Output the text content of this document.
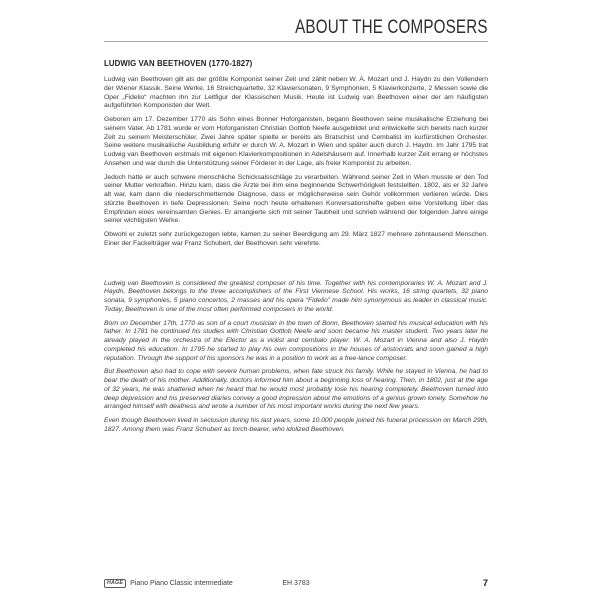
ABOUT THE COMPOSERS
LUDWIG VAN BEETHOVEN (1770-1827)

Ludwig van Beethoven gilt als der größte Komponist seiner Zeit und zählt neben W. A. Mozart und J. Haydn zu den Vollendern der Wiener Klassik. Seine Werke, 16 Streichquartette, 32 Klaviersonaten, 9 Symphonien, 5 Klavierkonzerte, 2 Messen sowie die Oper „Fidelio“ machten ihn zur Leitfigur der Klassischen Musik. Heute ist Ludwig van Beethoven einer der am häufigsten aufgeführten Komponisten der Welt.

Geboren am 17. Dezember 1770 als Sohn eines Bonner Hoforganisten, begann Beethoven seine musikalische Erziehung bei seinem Vater. Ab 1781 wurde er vom Hoforganisten Christian Gottlob Neefe ausgebildet und entwickelte sich bereits nach kurzer Zeit zu seinem Meisterschüler. Zwei Jahre später spielte er bereits als Bratschist und Cembalist im kurfürstlichen Orchester. Seine weitere musikalische Ausbildung erfuhr er durch W. A. Mozart in Wien und später auch durch J. Haydn. Im Jahr 1795 trat Ludwig van Beethoven erstmals mit eigenen Klavierkompositionen in Adelshäusern auf. Innerhalb kurzer Zeit errang er höchstes Ansehen und war durch die Unterstützung seiner Förderer in der Lage, als freier Komponist zu arbeiten.

Jedoch hatte er auch schwere menschliche Schicksalsschläge zu verarbeiten. Während seiner Zeit in Wien musste er den Tod seiner Mutter verkraften. Hinzu kam, dass die Ärzte bei ihm eine beginnende Schwerhörigkeit feststellten. 1802, als er 32 Jahre alt war, kam dann die niederschmetternde Diagnose, dass er möglicherweise sein Gehör vollkommen verlieren würde. Dies stürzte Beethoven in tiefe Depressionen. Seine noch heute erhaltenen Konversationshefte geben eine Vorstellung über das Empfinden eines vereinsamten Genies. Er arrangierte sich mit seiner Taubheit und schrieb während der folgenden Jahre einige seiner wichtigsten Werke.

Obwohl er zuletzt sehr zurückgezogen lebte, kamen zu seiner Beerdigung am 29. März 1827 mehrere zehntausend Menschen. Einer der Fackelträger war Franz Schubert, der Beethoven sehr verehrte.

Ludwig van Beethoven is considered the greatest composer of his time. Together with his contemporaries W. A. Mozart and J. Haydn, Beethoven belongs to the three accomplishers of the First Viennese School. His works, 16 string quartets, 32 piano sonata, 9 symphonies, 5 piano concertos, 2 masses and his opera “Fidelio” made him synonymous as leader in classical music. Today, Beethoven is one of the most often performed composers in the world.

Born on December 17th, 1770 as son of a court musician in the town of Bonn, Beethoven started his musical education with his father. In 1781 he continued his studies with Christian Gottlob Neefe and soon became his master student. Two years later he already played in the orchestra of the Elector as a violist and cembalo player. W. A. Mozart in Vienna and also J. Haydn completed his education. In 1795 he started to play his own compositions in the houses of aristocrats and soon gained a high reputation. Through the support of his sponsors he was in a position to work as a free-lance composer.

But Beethoven also had to cope with severe human problems, when fate struck his family. While he stayed in Vienna, he had to bear the death of his mother. Additionally, doctors informed him about a beginning loss of hearing. Then, in 1802, just at the age of 32 years, he was shattered when he heard that he would most probably lose his hearing completely. Beethoven turned into deep depression and his preserved diaries convey a good impression about the emotions of a genius grown lonely. Somehow he arranged himself with deafness and wrote a number of his most important works during the next few years.

Even though Beethoven lived in seclusion during his last years, some 10.000 people joined his funeral procession on March 29th, 1827. Among them was Franz Schubert as torch-bearer, who idolized Beethoven.

HAGE	Piano Piano Classic intermediate	EH 3783	7
